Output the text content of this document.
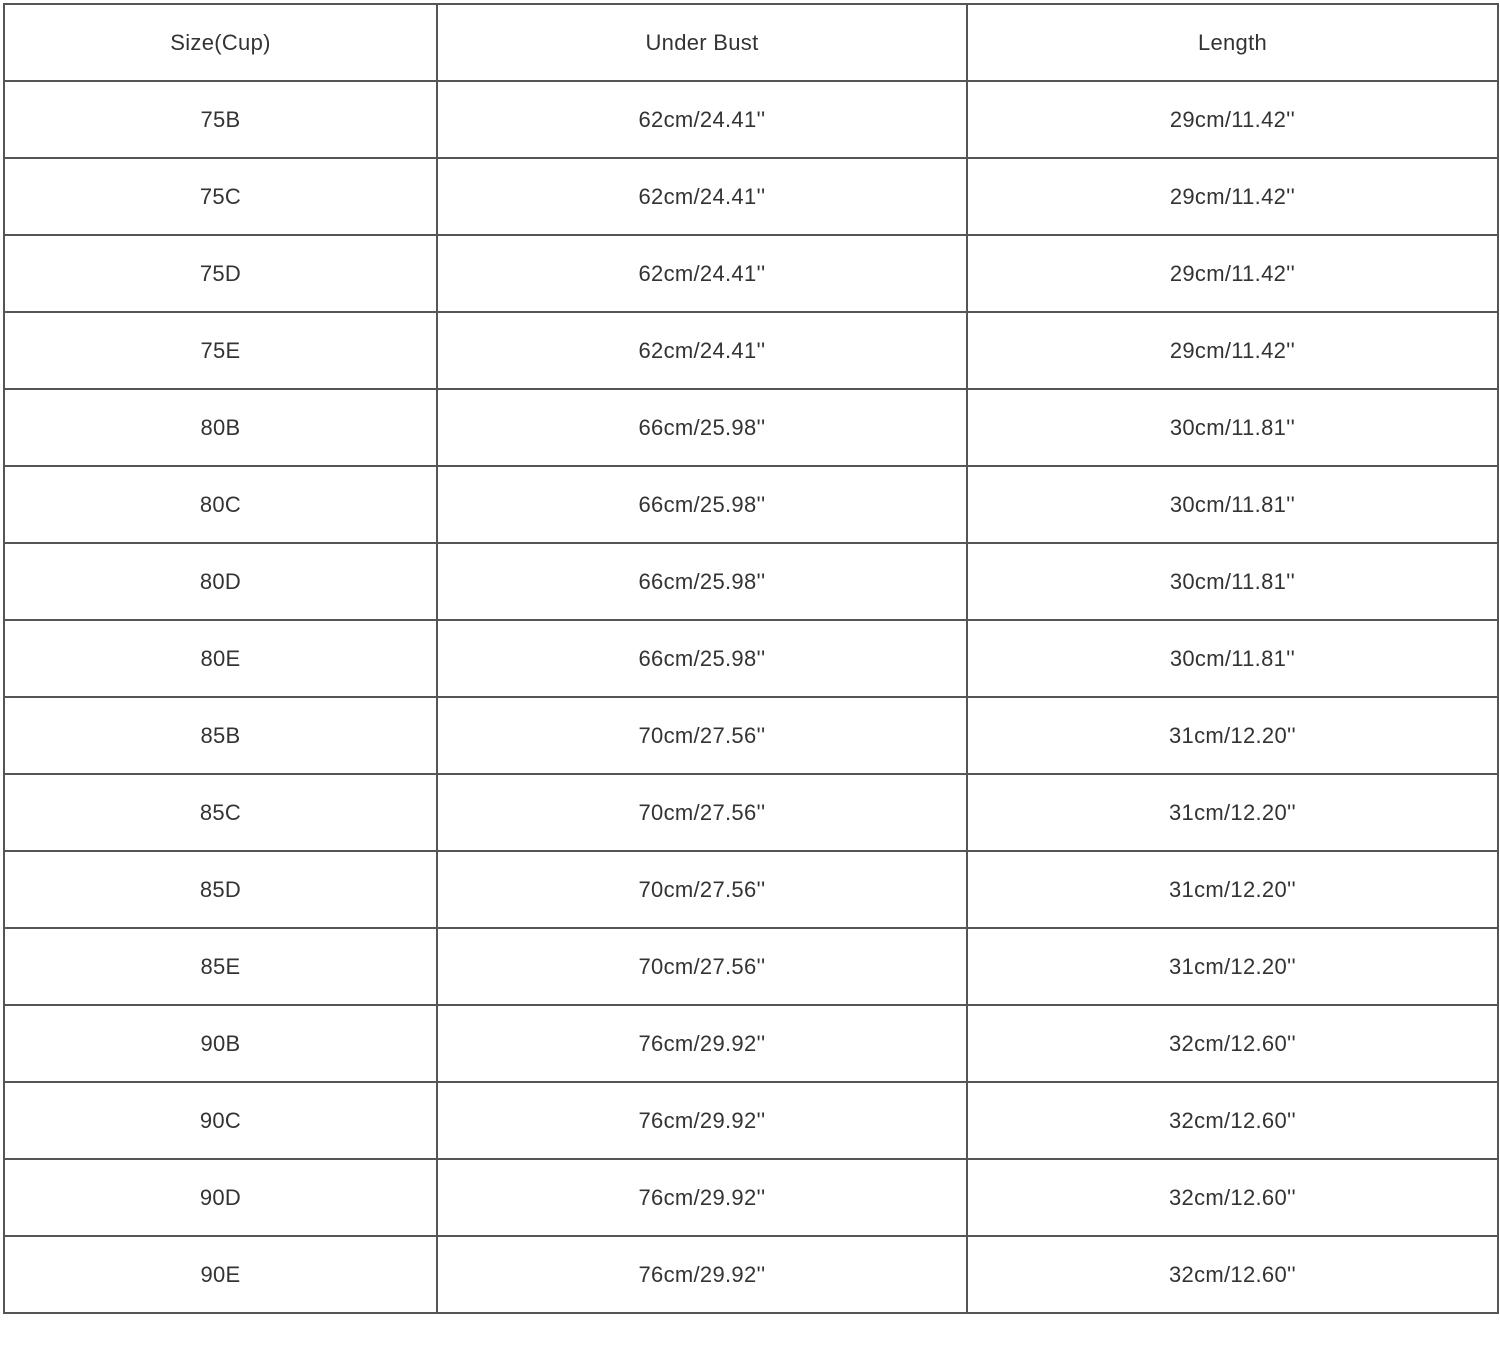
Size(Cup)	Under Bust	Length
75B	62cm/24.41''	29cm/11.42''
75C	62cm/24.41''	29cm/11.42''
75D	62cm/24.41''	29cm/11.42''
75E	62cm/24.41''	29cm/11.42''
80B	66cm/25.98''	30cm/11.81''
80C	66cm/25.98''	30cm/11.81''
80D	66cm/25.98''	30cm/11.81''
80E	66cm/25.98''	30cm/11.81''
85B	70cm/27.56''	31cm/12.20''
85C	70cm/27.56''	31cm/12.20''
85D	70cm/27.56''	31cm/12.20''
85E	70cm/27.56''	31cm/12.20''
90B	76cm/29.92''	32cm/12.60''
90C	76cm/29.92''	32cm/12.60''
90D	76cm/29.92''	32cm/12.60''
90E	76cm/29.92''	32cm/12.60''
